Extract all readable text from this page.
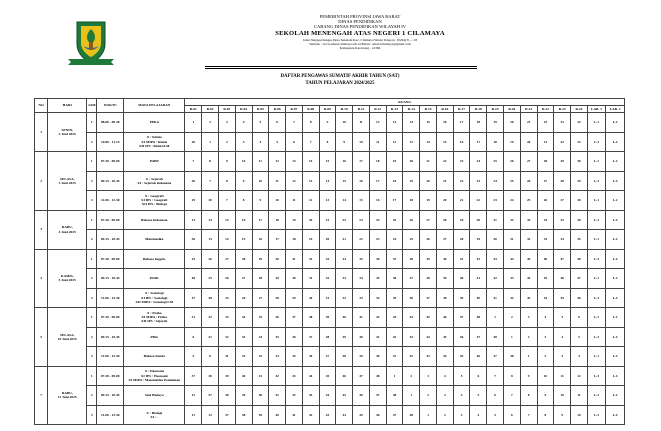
PEMERINTAH PROVINSI JAWA BARAT
DINAS PENDIDIKAN
CABANG DINAS PENDIDIKAN WILAYAH IV
SEKOLAH MENENGAH ATAS NEGERI 1 CILAMAYA
Jalan Singaperbangsa Desa Sukatani Kec. Cilamaya Wetan Telepon : (0264) 8 .... 03
Website : www.sman1cilamaya.sch.id Email : sman1cilamaya@gmail.com
Kabupaten Karawang - 41384
DAFTAR PENGAWAS SUMATIF AKHIR TAHUN (SAT)
TAHUN PELAJARAN 2024/2025
NO	HARI	JAM	WAKTU	MATA PELAJARAN	RUANG																									
					R.01	R.02	R.03	R.04	R.05	R.06	R.07	R.08	R.09	R.10	R.11	R.12	R.13	R.14	R.15	R.16	R.17	R.18	R.19	R.20	R.21	R.22	R.23	R.24	LAB. 1	LAB. 2
1	SENIN,
2 Juni 2025	1	08.00 - 09.30	PPKn	1	2	3	4	5	6	7	8	9	10	11	12	13	14	15	16	17	18	19	20	21	22	23	24	L.1	L.2
		2	10.00 - 11.15	X : Kimia
XI MIPA : Kimia
XII IPS : Kimia/LM	20	1	2	3	4	5	6	7	8	9	10	11	12	13	14	15	16	17	18	19	20	21	22	23	L.3	L.4
2	SELASA,
3 Juni 2025	1	07.30 - 09.00	PABP	7	8	9	10	11	12	13	14	15	16	17	18	19	20	21	22	23	24	25	26	27	28	29	30	L.1	L.2
		2	09.15 - 10.45	X : Sejarah
XI : Sejarah Indonesia	30	7	8	9	10	11	12	13	14	15	16	17	18	19	20	21	22	23	24	25	26	27	28	29	L.3	L.4
		3	11.00 - 12.30	X : Geografi
XI IPS : Geografi
XII IPS : Biologi	29	30	7	8	9	10	11	12	13	14	15	16	17	18	19	20	21	22	23	24	25	26	27	28	L.1	L.2
3	RABU,
4 Juni 2025	1	07.30 - 09.00	Bahasa Indonesia	13	14	15	16	17	18	19	20	21	22	23	24	25	26	27	28	29	30	31	32	33	34	35	36	L.3	L.4
		2	09.15 - 10.45	Matematika	36	13	14	15	16	17	18	19	20	21	22	23	24	25	26	27	28	29	30	31	32	33	34	35	L.1	L.2
4	KAMIS,
5 Juni 2025	1	07.30 - 09.00	Bahasa Inggris	25	26	27	28	29	30	31	32	33	34	35	36	37	38	39	40	41	42	43	44	45	46	47	48	L.3	L.4
		2	09.15 - 10.45	PJOK	48	25	26	27	28	29	30	31	32	33	34	35	36	37	38	39	40	41	42	43	44	45	46	47	L.1	L.2
		3	11.00 - 12.30	X : Sosiologi
XI IPS : Sosiologi
XII MIPA : Sosiologi LM	47	48	25	26	27	28	29	30	31	32	33	34	35	36	37	38	39	40	41	42	43	44	45	46	L.3	L.4
5	SELASA,
10 Juni 2025	1	07.30 - 09.00	X : Fisika
XI MIPA : Fisika
XII IPS : Sejarah	31	32	33	34	35	36	37	38	39	40	41	42	43	44	45	46	47	48	1	2	3	4	5	6	L.1	L.2
		2	09.15 - 10.45	PKK	6	31	32	33	34	35	36	37	38	39	40	41	42	43	44	45	46	47	48	1	2	3	4	5	L.3	L.4
		3	11.00 - 12.30	Bahasa Sunda	5	6	31	32	33	34	35	36	37	38	39	40	41	42	43	44	45	46	47	48	1	2	3	4	L.1	L.2
7	RABU,
11 Juni 2025	1	07.30 - 09.00	X : Ekonomi
XI IPS : Ekonomi
XI MIPA : Matematika Peminatan	37	38	39	40	41	42	43	44	45	46	47	48	1	2	3	4	5	6	7	8	9	10	11	12	L.3	L.4
		2	09.15 - 10.45	Seni Budaya	12	37	38	39	40	41	42	43	44	45	46	47	48	1	2	3	4	5	6	7	8	9	10	11	L.1	L.2
		3	11.00 - 12.30	X : Biologi
XI : -	11	12	37	38	39	40	41	42	43	44	45	46	47	48	1	2	3	4	5	6	7	8	9	10	L.3	L.4
